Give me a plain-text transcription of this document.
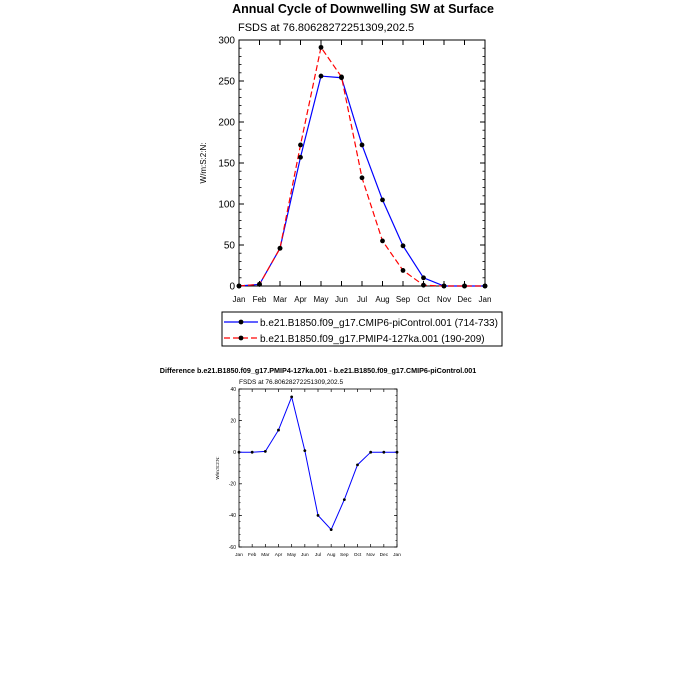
Annual Cycle of Downwelling SW at Surface
FSDS at 76.80628272251309,202.5
W/m:S:2:N:
Jan Feb Mar Apr May Jun Jul Aug Sep Oct Nov Dec Jan
0
50
100
150
200
250
300
b.e21.B1850.f09_g17.CMIP6-piControl.001 (714-733)
b.e21.B1850.f09_g17.PMIP4-127ka.001 (190-209)
Difference b.e21.B1850.f09_g17.PMIP4-127ka.001 - b.e21.B1850.f09_g17.CMIP6-piControl.001
FSDS at 76.80628272251309,202.5
W/m:S:2:N:
Jan Feb Mar Apr May Jun Jul Aug Sep Oct Nov Dec Jan
-60
-40
-20
0
20
40
